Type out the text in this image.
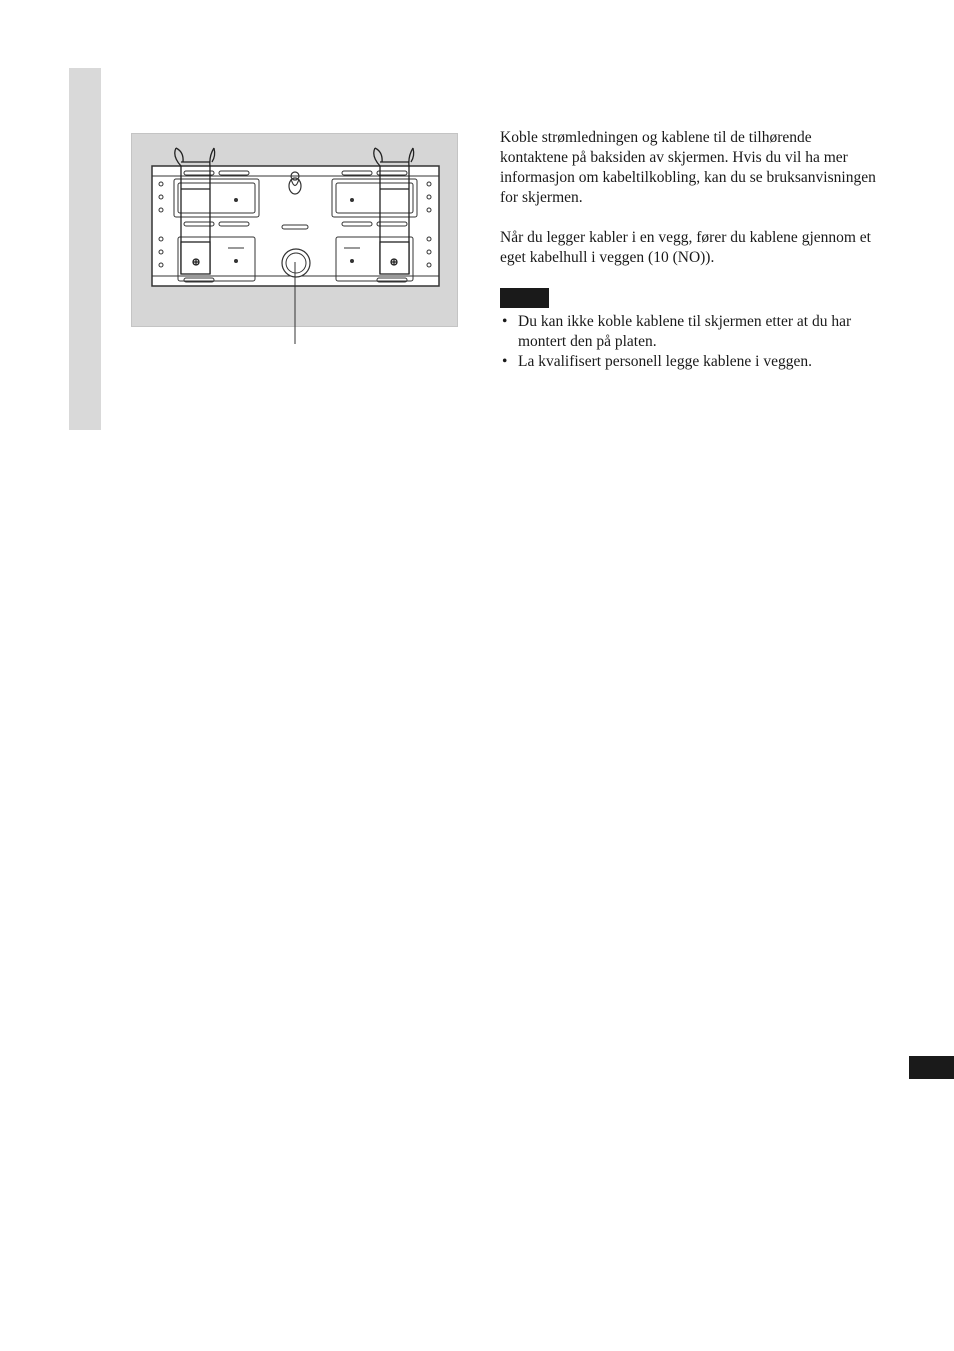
Koble strømledningen og kablene til de tilhørende kontaktene på baksiden av skjermen. Hvis du vil ha mer informasjon om kabeltilkobling, kan du se bruksanvisningen for skjermen.

Når du legger kabler i en vegg, fører du kablene gjennom et eget kabelhull i veggen (10 (NO)).

• Du kan ikke koble kablene til skjermen etter at du har montert den på platen.
• La kvalifisert personell legge kablene i veggen.
